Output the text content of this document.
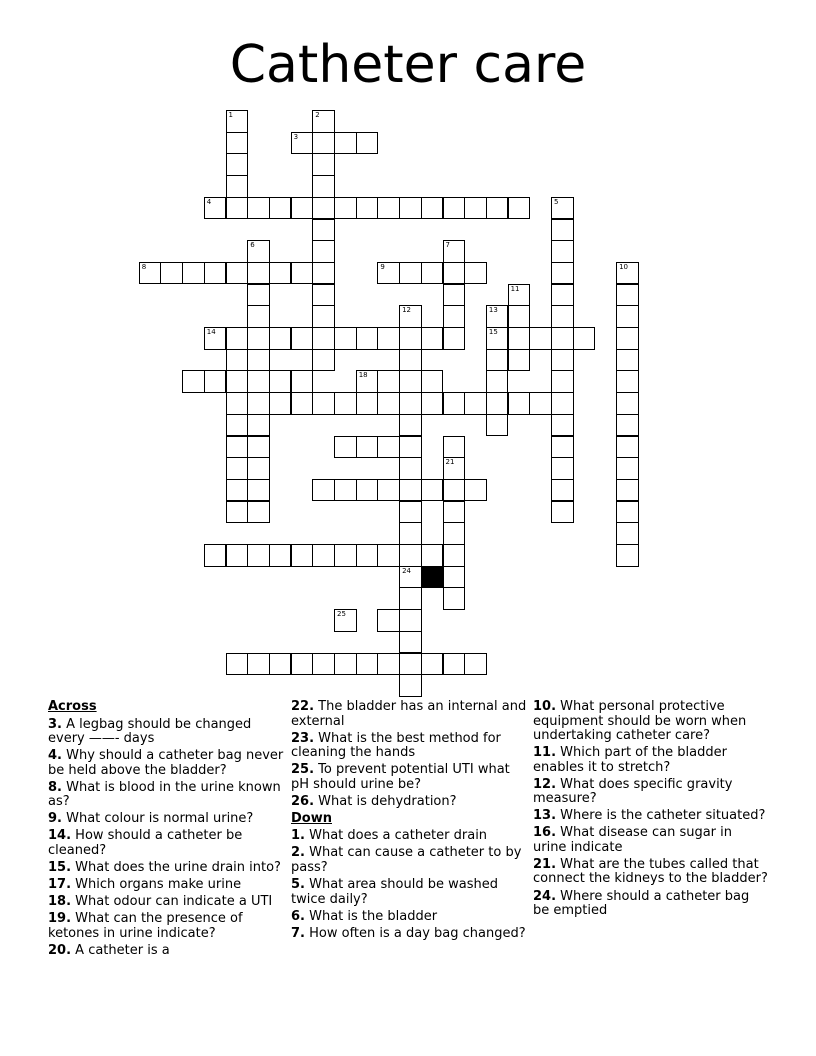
Catheter care
1	2
3
4	5
6	7
8	9	10
11
12
24
13
15
14
18
21
25
Across
3. A legbag should be changed every ——- days
4. Why should a catheter bag never be held above the bladder?
8. What is blood in the urine known as?
9. What colour is normal urine?
14. How should a catheter be cleaned?
15. What does the urine drain into?
17. Which organs make urine
18. What odour can indicate a UTI
19. What can the presence of ketones in urine indicate?
20. A catheter is a
22. The bladder has an internal and external
23. What is the best method for cleaning the hands
25. To prevent potential UTI what pH should urine be?
26. What is dehydration?
Down
1. What does a catheter drain
2. What can cause a catheter to by pass?
5. What area should be washed twice daily?
6. What is the bladder
7. How often is a day bag changed?
10. What personal protective equipment should be worn when undertaking catheter care?
11. Which part of the bladder enables it to stretch?
12. What does specific gravity measure?
13. Where is the catheter situated?
16. What disease can sugar in urine indicate
21. What are the tubes called that connect the kidneys to the bladder?
24. Where should a catheter bag be emptied
